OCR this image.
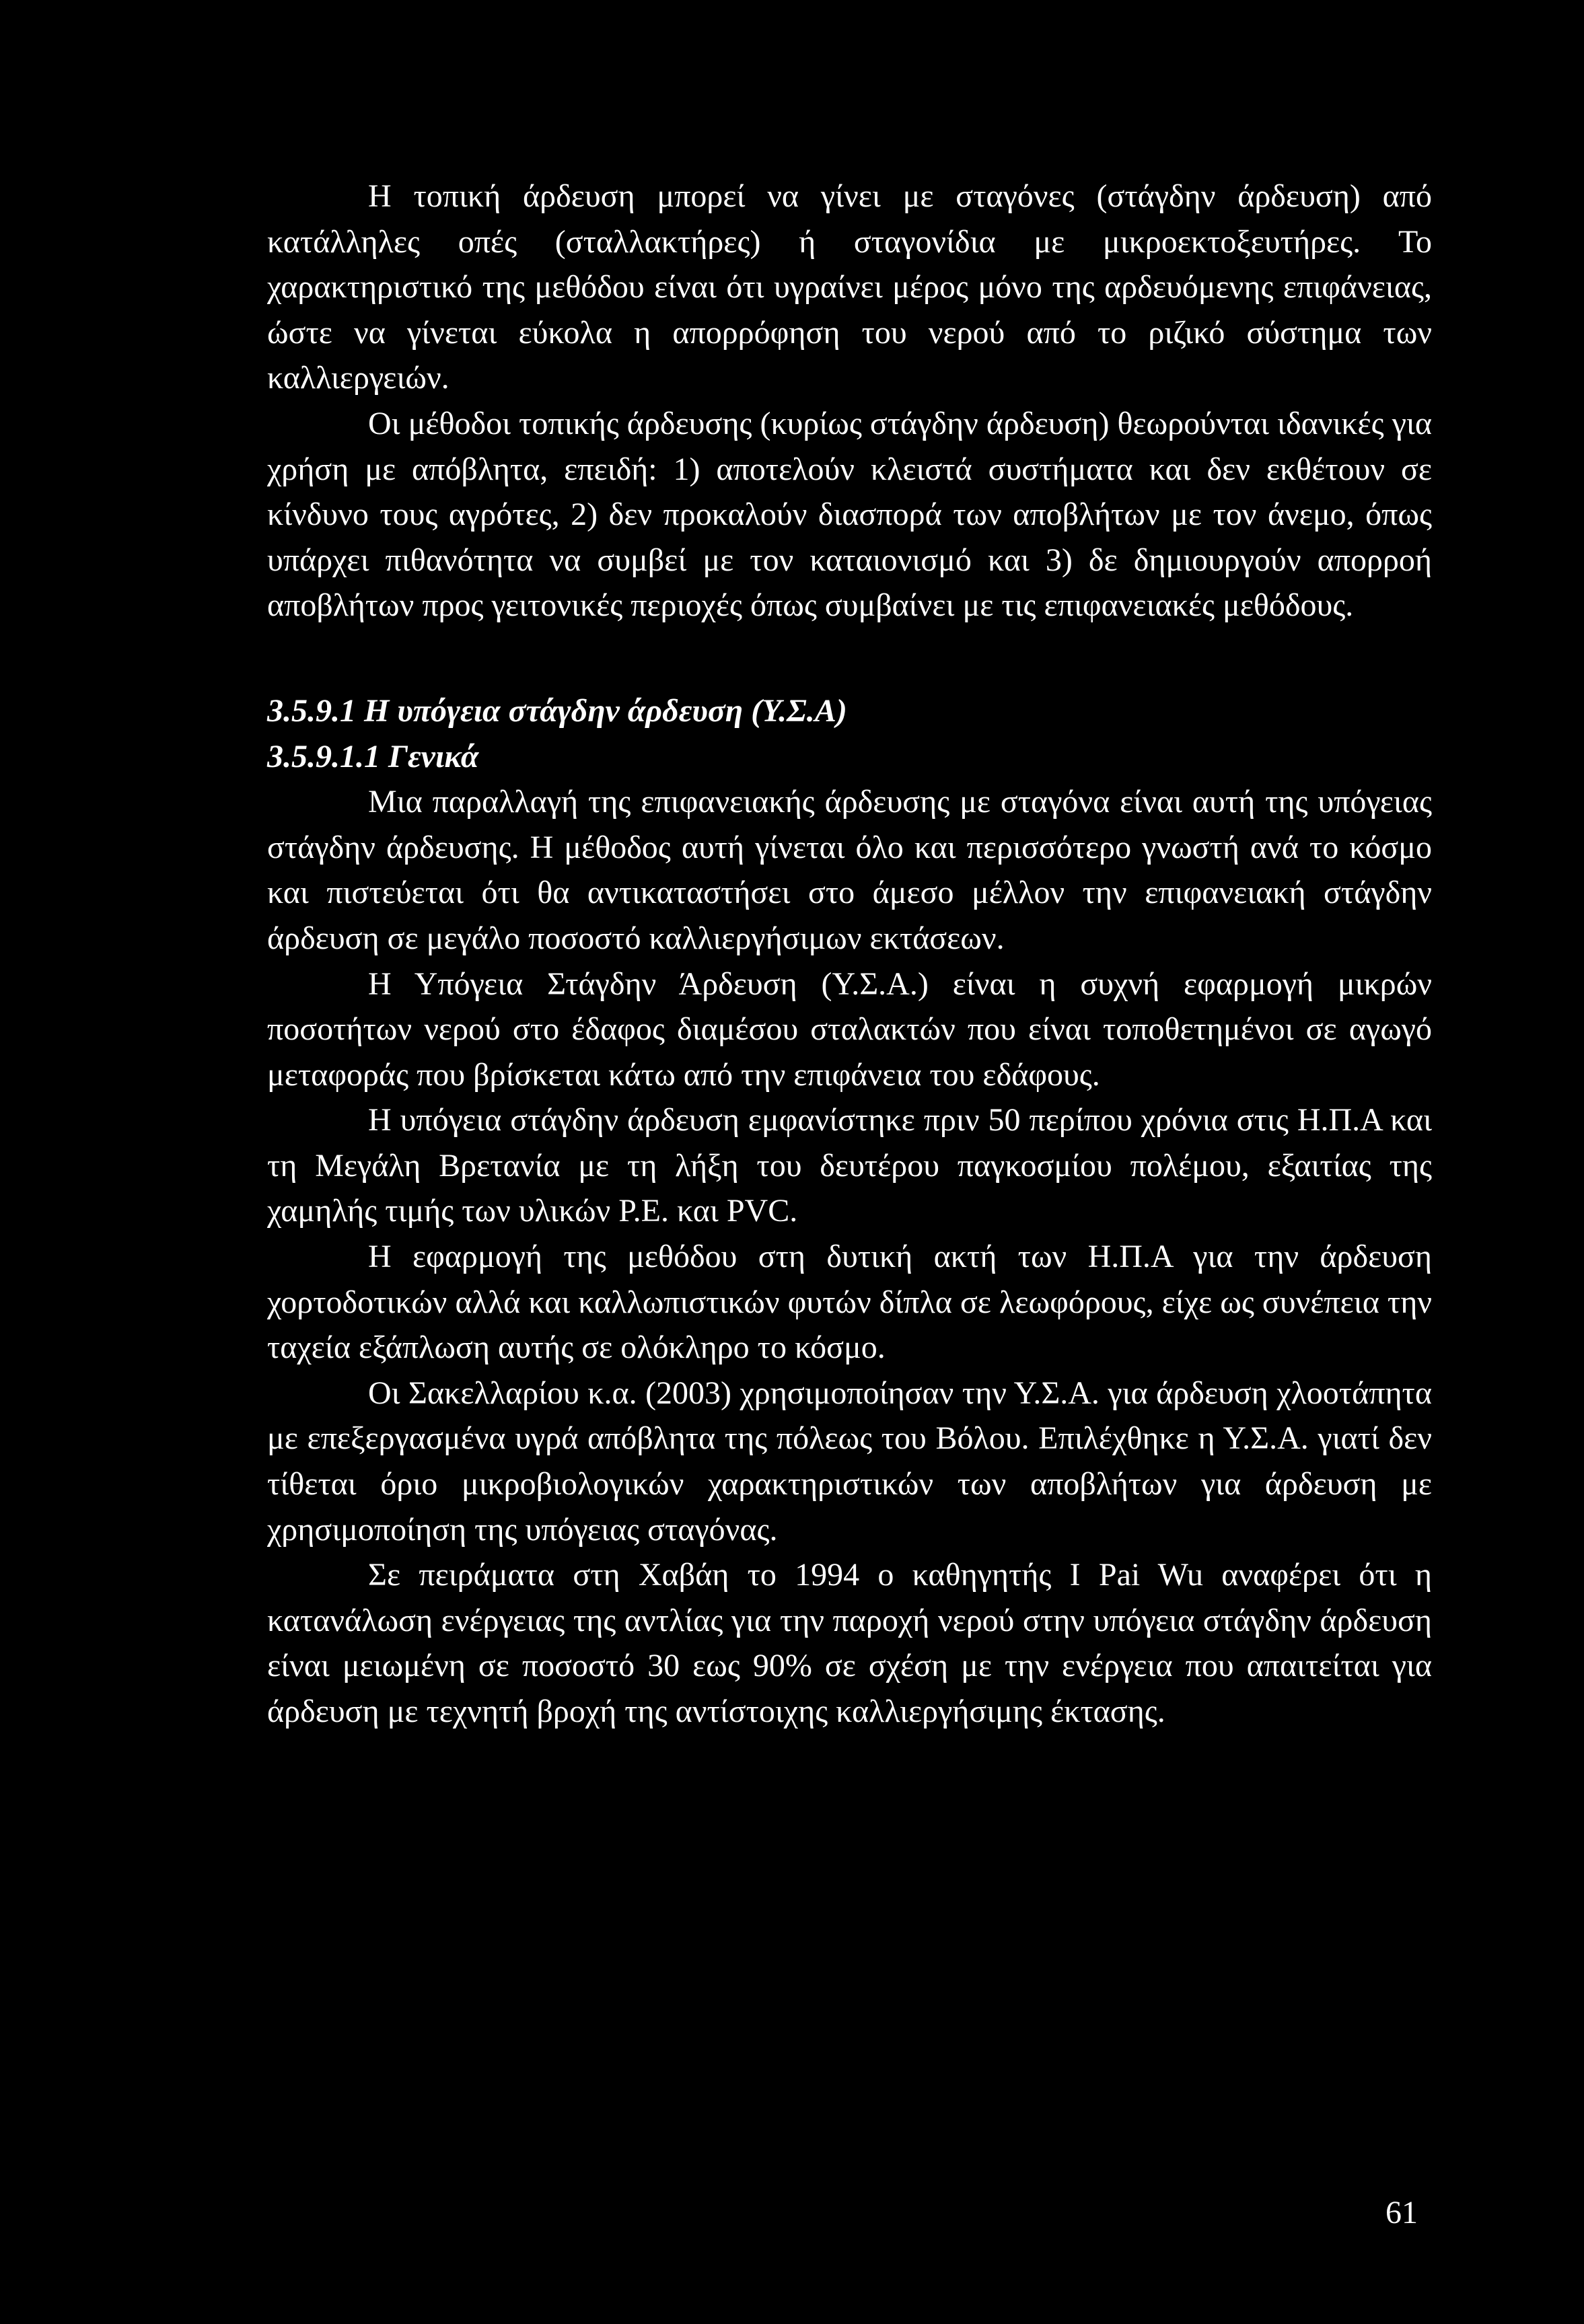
Η τοπική άρδευση μπορεί να γίνει με σταγόνες (στάγδην άρδευση) από κατάλληλες οπές (σταλλακτήρες) ή σταγονίδια με μικροεκτοξευτήρες. Το χαρακτηριστικό της μεθόδου είναι ότι υγραίνει μέρος μόνο της αρδευόμενης επιφάνειας, ώστε να γίνεται εύκολα η απορρόφηση του νερού από το ριζικό σύστημα των καλλιεργειών.

Οι μέθοδοι τοπικής άρδευσης (κυρίως στάγδην άρδευση) θεωρούνται ιδανικές για χρήση με απόβλητα, επειδή: 1) αποτελούν κλειστά συστήματα και δεν εκθέτουν σε κίνδυνο τους αγρότες, 2) δεν προκαλούν διασπορά των αποβλήτων με τον άνεμο, όπως υπάρχει πιθανότητα να συμβεί με τον καταιονισμό και 3) δε δημιουργούν απορροή αποβλήτων προς γειτονικές περιοχές όπως συμβαίνει με τις επιφανειακές μεθόδους.

3.5.9.1 Η υπόγεια στάγδην άρδευση (Υ.Σ.Α)

3.5.9.1.1 Γενικά

Μια παραλλαγή της επιφανειακής άρδευσης με σταγόνα είναι αυτή της υπόγειας στάγδην άρδευσης. Η μέθοδος αυτή γίνεται όλο και περισσότερο γνωστή ανά το κόσμο και πιστεύεται ότι θα αντικαταστήσει στο άμεσο μέλλον την επιφανειακή στάγδην άρδευση σε μεγάλο ποσοστό καλλιεργήσιμων εκτάσεων.

Η Υπόγεια Στάγδην Άρδευση (Υ.Σ.Α.) είναι η συχνή εφαρμογή μικρών ποσοτήτων νερού στο έδαφος διαμέσου σταλακτών που είναι τοποθετημένοι σε αγωγό μεταφοράς που βρίσκεται κάτω από την επιφάνεια του εδάφους.

Η υπόγεια στάγδην άρδευση εμφανίστηκε πριν 50 περίπου χρόνια στις Η.Π.Α και τη Μεγάλη Βρετανία με τη λήξη του δευτέρου παγκοσμίου πολέμου, εξαιτίας της χαμηλής τιμής των υλικών Ρ.Ε. και PVC.

Η εφαρμογή της μεθόδου στη δυτική ακτή των Η.Π.Α για την άρδευση χορτοδοτικών αλλά και καλλωπιστικών φυτών δίπλα σε λεωφόρους, είχε ως συνέπεια την ταχεία εξάπλωση αυτής σε ολόκληρο το κόσμο.

Οι Σακελλαρίου κ.α. (2003) χρησιμοποίησαν την Υ.Σ.Α. για άρδευση χλοοτάπητα με επεξεργασμένα υγρά απόβλητα της πόλεως του Βόλου. Επιλέχθηκε η Υ.Σ.Α. γιατί δεν τίθεται όριο μικροβιολογικών χαρακτηριστικών των αποβλήτων για άρδευση με χρησιμοποίηση της υπόγειας σταγόνας.

Σε πειράματα στη Χαβάη το 1994 ο καθηγητής I Pai Wu αναφέρει ότι η κατανάλωση ενέργειας της αντλίας για την παροχή νερού στην υπόγεια στάγδην άρδευση είναι μειωμένη σε ποσοστό 30 εως 90% σε σχέση με την ενέργεια που απαιτείται για άρδευση με τεχνητή βροχή της αντίστοιχης καλλιεργήσιμης έκτασης.

61
